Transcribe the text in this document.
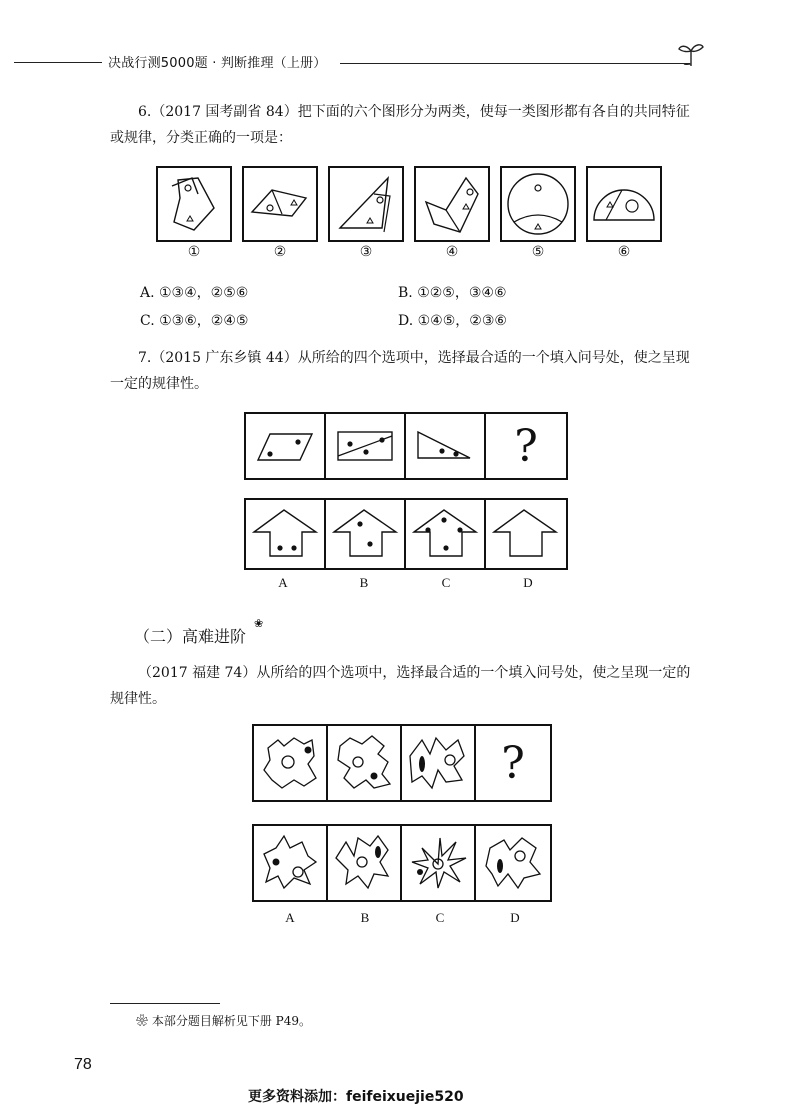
决战行测5000题 · 判断推理（上册）
6.（2017 国考副省 84）把下面的六个图形分为两类，使每一类图形都有各自的共同特征或规律，分类正确的一项是：
①	②	③	④	⑤	⑥
A. ①③④，②⑤⑥	B. ①②⑤，③④⑥
C. ①③⑥，②④⑤	D. ①④⑤，②③⑥
7.（2015 广东乡镇 44）从所给的四个选项中，选择最合适的一个填入问号处，使之呈现一定的规律性。
?
A	B	C	D
（二）高难进阶
❀
（2017 福建 74）从所给的四个选项中，选择最合适的一个填入问号处，使之呈现一定的规律性。
?
A	B	C	D
❀ 本部分题目解析见下册 P49。
78
更多资料添加：feifeixuejie520
